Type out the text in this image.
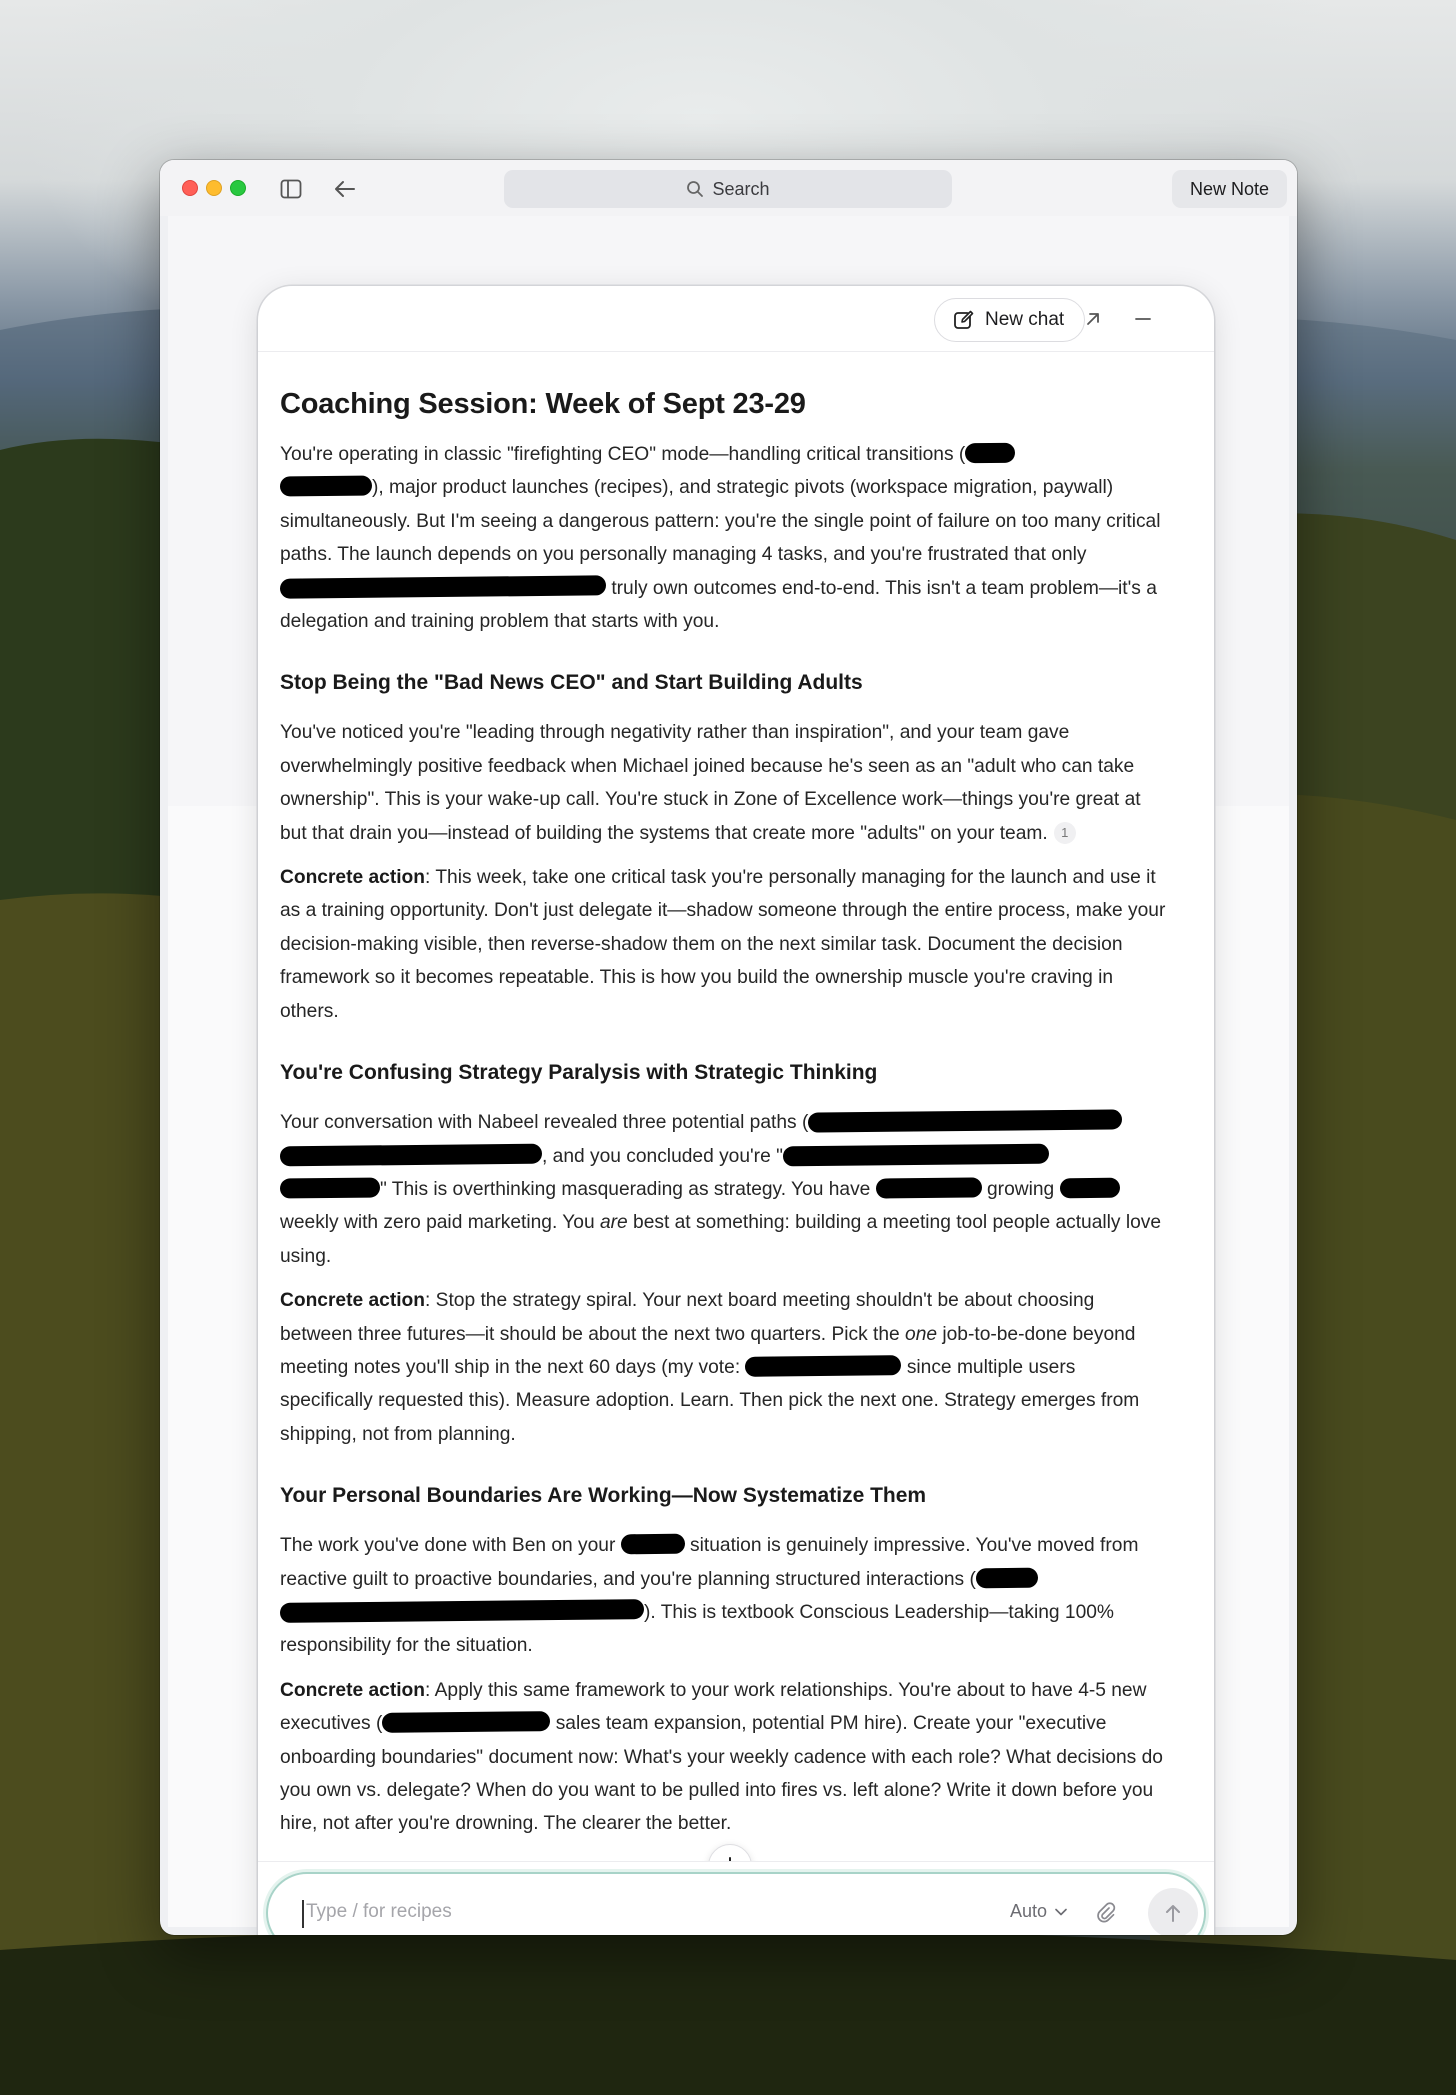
Search	New Note
New chat
Coaching Session: Week of Sept 23-29

You're operating in classic "firefighting CEO" mode—handling critical transitions (
), major product launches (recipes), and strategic pivots (workspace migration, paywall) simultaneously. But I'm seeing a dangerous pattern: you're the single point of failure on too many critical paths. The launch depends on you personally managing 4 tasks, and you're frustrated that only  truly own outcomes end-to-end. This isn't a team problem—it's a delegation and training problem that starts with you.

Stop Being the "Bad News CEO" and Start Building Adults

You've noticed you're "leading through negativity rather than inspiration", and your team gave overwhelmingly positive feedback when Michael joined because he's seen as an "adult who can take ownership". This is your wake-up call. You're stuck in Zone of Excellence work—things you're great at but that drain you—instead of building the systems that create more "adults" on your team. 1

Concrete action: This week, take one critical task you're personally managing for the launch and use it as a training opportunity. Don't just delegate it—shadow someone through the entire process, make your decision-making visible, then reverse-shadow them on the next similar task. Document the decision framework so it becomes repeatable. This is how you build the ownership muscle you're craving in others.

You're Confusing Strategy Paralysis with Strategic Thinking

Your conversation with Nabeel revealed three potential paths (
, and you concluded you're "
" This is overthinking masquerading as strategy. You have	growing  weekly with zero paid marketing. You are best at something: building a meeting tool people actually love using.

Concrete action: Stop the strategy spiral. Your next board meeting shouldn't be about choosing between three futures—it should be about the next two quarters. Pick the one job-to-be-done beyond meeting notes you'll ship in the next 60 days (my vote:	since multiple users specifically requested this). Measure adoption. Learn. Then pick the next one. Strategy emerges from shipping, not from planning.

Your Personal Boundaries Are Working—Now Systematize Them

The work you've done with Ben on your	situation is genuinely impressive. You've moved from reactive guilt to proactive boundaries, and you're planning structured interactions (
). This is textbook Conscious Leadership—taking 100% responsibility for the situation.

Concrete action: Apply this same framework to your work relationships. You're about to have 4-5 new executives (	sales team expansion, potential PM hire). Create your "executive onboarding boundaries" document now: What's your weekly cadence with each role? What decisions do you own vs. delegate? When do you want to be pulled into fires vs. left alone? Write it down before you hire, not after you're drowning. The clearer the better.

Type / for recipes	Auto
